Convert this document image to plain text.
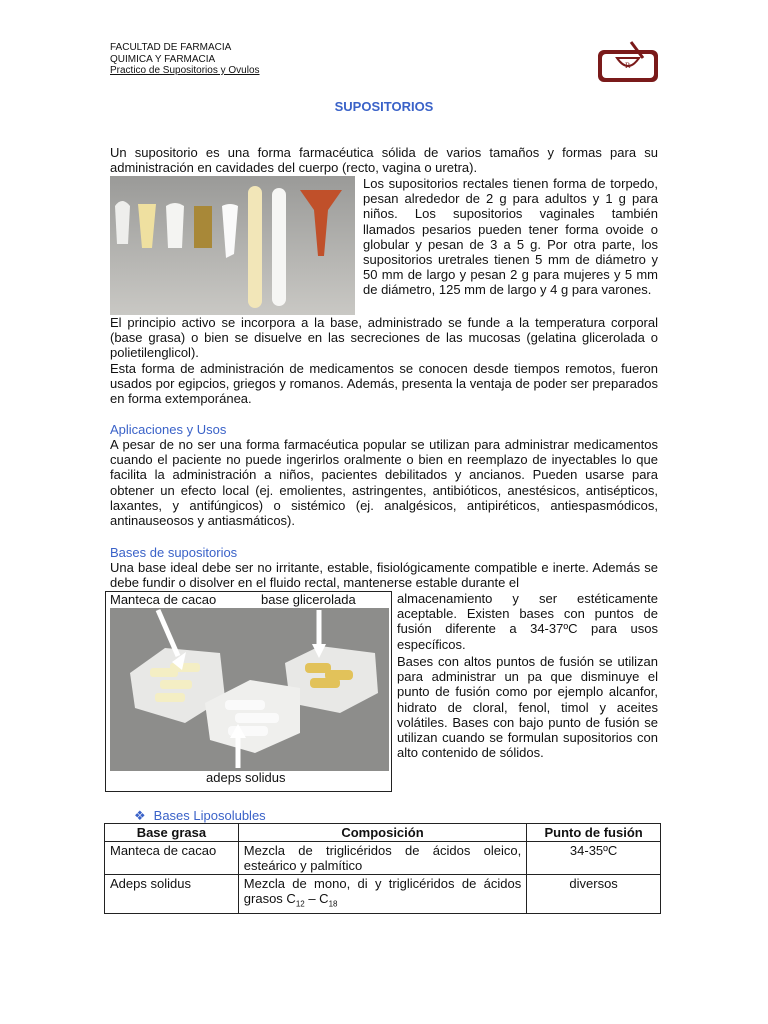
FACULTAD DE FARMACIA
QUIMICA Y FARMACIA
Practico de Supositorios y Ovulos	R
SUPOSITORIOS
Un supositorio es una forma farmacéutica sólida de varios tamaños y formas para su administración en cavidades del cuerpo (recto, vagina o uretra).
Los supositorios rectales tienen forma de torpedo, pesan alrededor de 2 g para adultos y 1 g para niños. Los supositorios vaginales también llamados pesarios pueden tener forma ovoide o globular y pesan de 3 a 5 g. Por otra parte, los supositorios uretrales tienen 5 mm de diámetro y 50 mm de largo y pesan 2 g para mujeres y 5 mm de diámetro, 125 mm de largo y 4 g para varones.
El principio activo se incorpora a la base, administrado se funde a la temperatura corporal (base grasa) o bien se disuelve en las secreciones de las mucosas (gelatina glicerolada o polietilenglicol).
Esta forma de administración de medicamentos se conocen desde tiempos remotos, fueron usados por egipcios, griegos y romanos. Además, presenta la ventaja de poder ser preparados en forma extemporánea.
Aplicaciones y Usos
A pesar de no ser una forma farmacéutica popular se utilizan para administrar medicamentos cuando el paciente no puede ingerirlos oralmente o bien en reemplazo de inyectables lo que facilita la administración a niños, pacientes debilitados y ancianos. Pueden usarse para obtener un efecto local (ej. emolientes, astringentes, antibióticos, anestésicos, antisépticos, laxantes, y antifúngicos) o sistémico (ej. analgésicos, antipiréticos, antiespasmódicos, antinauseosos y antiasmáticos).
Bases de supositorios
Una base ideal debe ser no irritante, estable, fisiológicamente compatible e inerte. Además se debe fundir o disolver en el fluido rectal, mantenerse estable durante el
Manteca de cacao	base glicerolada
adeps solidus
almacenamiento y ser estéticamente aceptable. Existen bases con puntos de fusión diferente a 34-37ºC para usos específicos.
Bases con altos puntos de fusión se utilizan para administrar un pa que disminuye el punto de fusión como por ejemplo alcanfor, hidrato de cloral, fenol, timol y aceites volátiles. Bases con bajo punto de fusión se utilizan cuando se formulan supositorios con alto contenido de sólidos.
❖ Bases Liposolubles
Base grasa	Composición	Punto de fusión
Manteca de cacao	Mezcla de triglicéridos de ácidos oleico, esteárico y palmítico	34-35ºC
Adeps solidus	Mezcla de mono, di y triglicéridos de ácidos grasos $C_{12} - C_{18}$	diversos
